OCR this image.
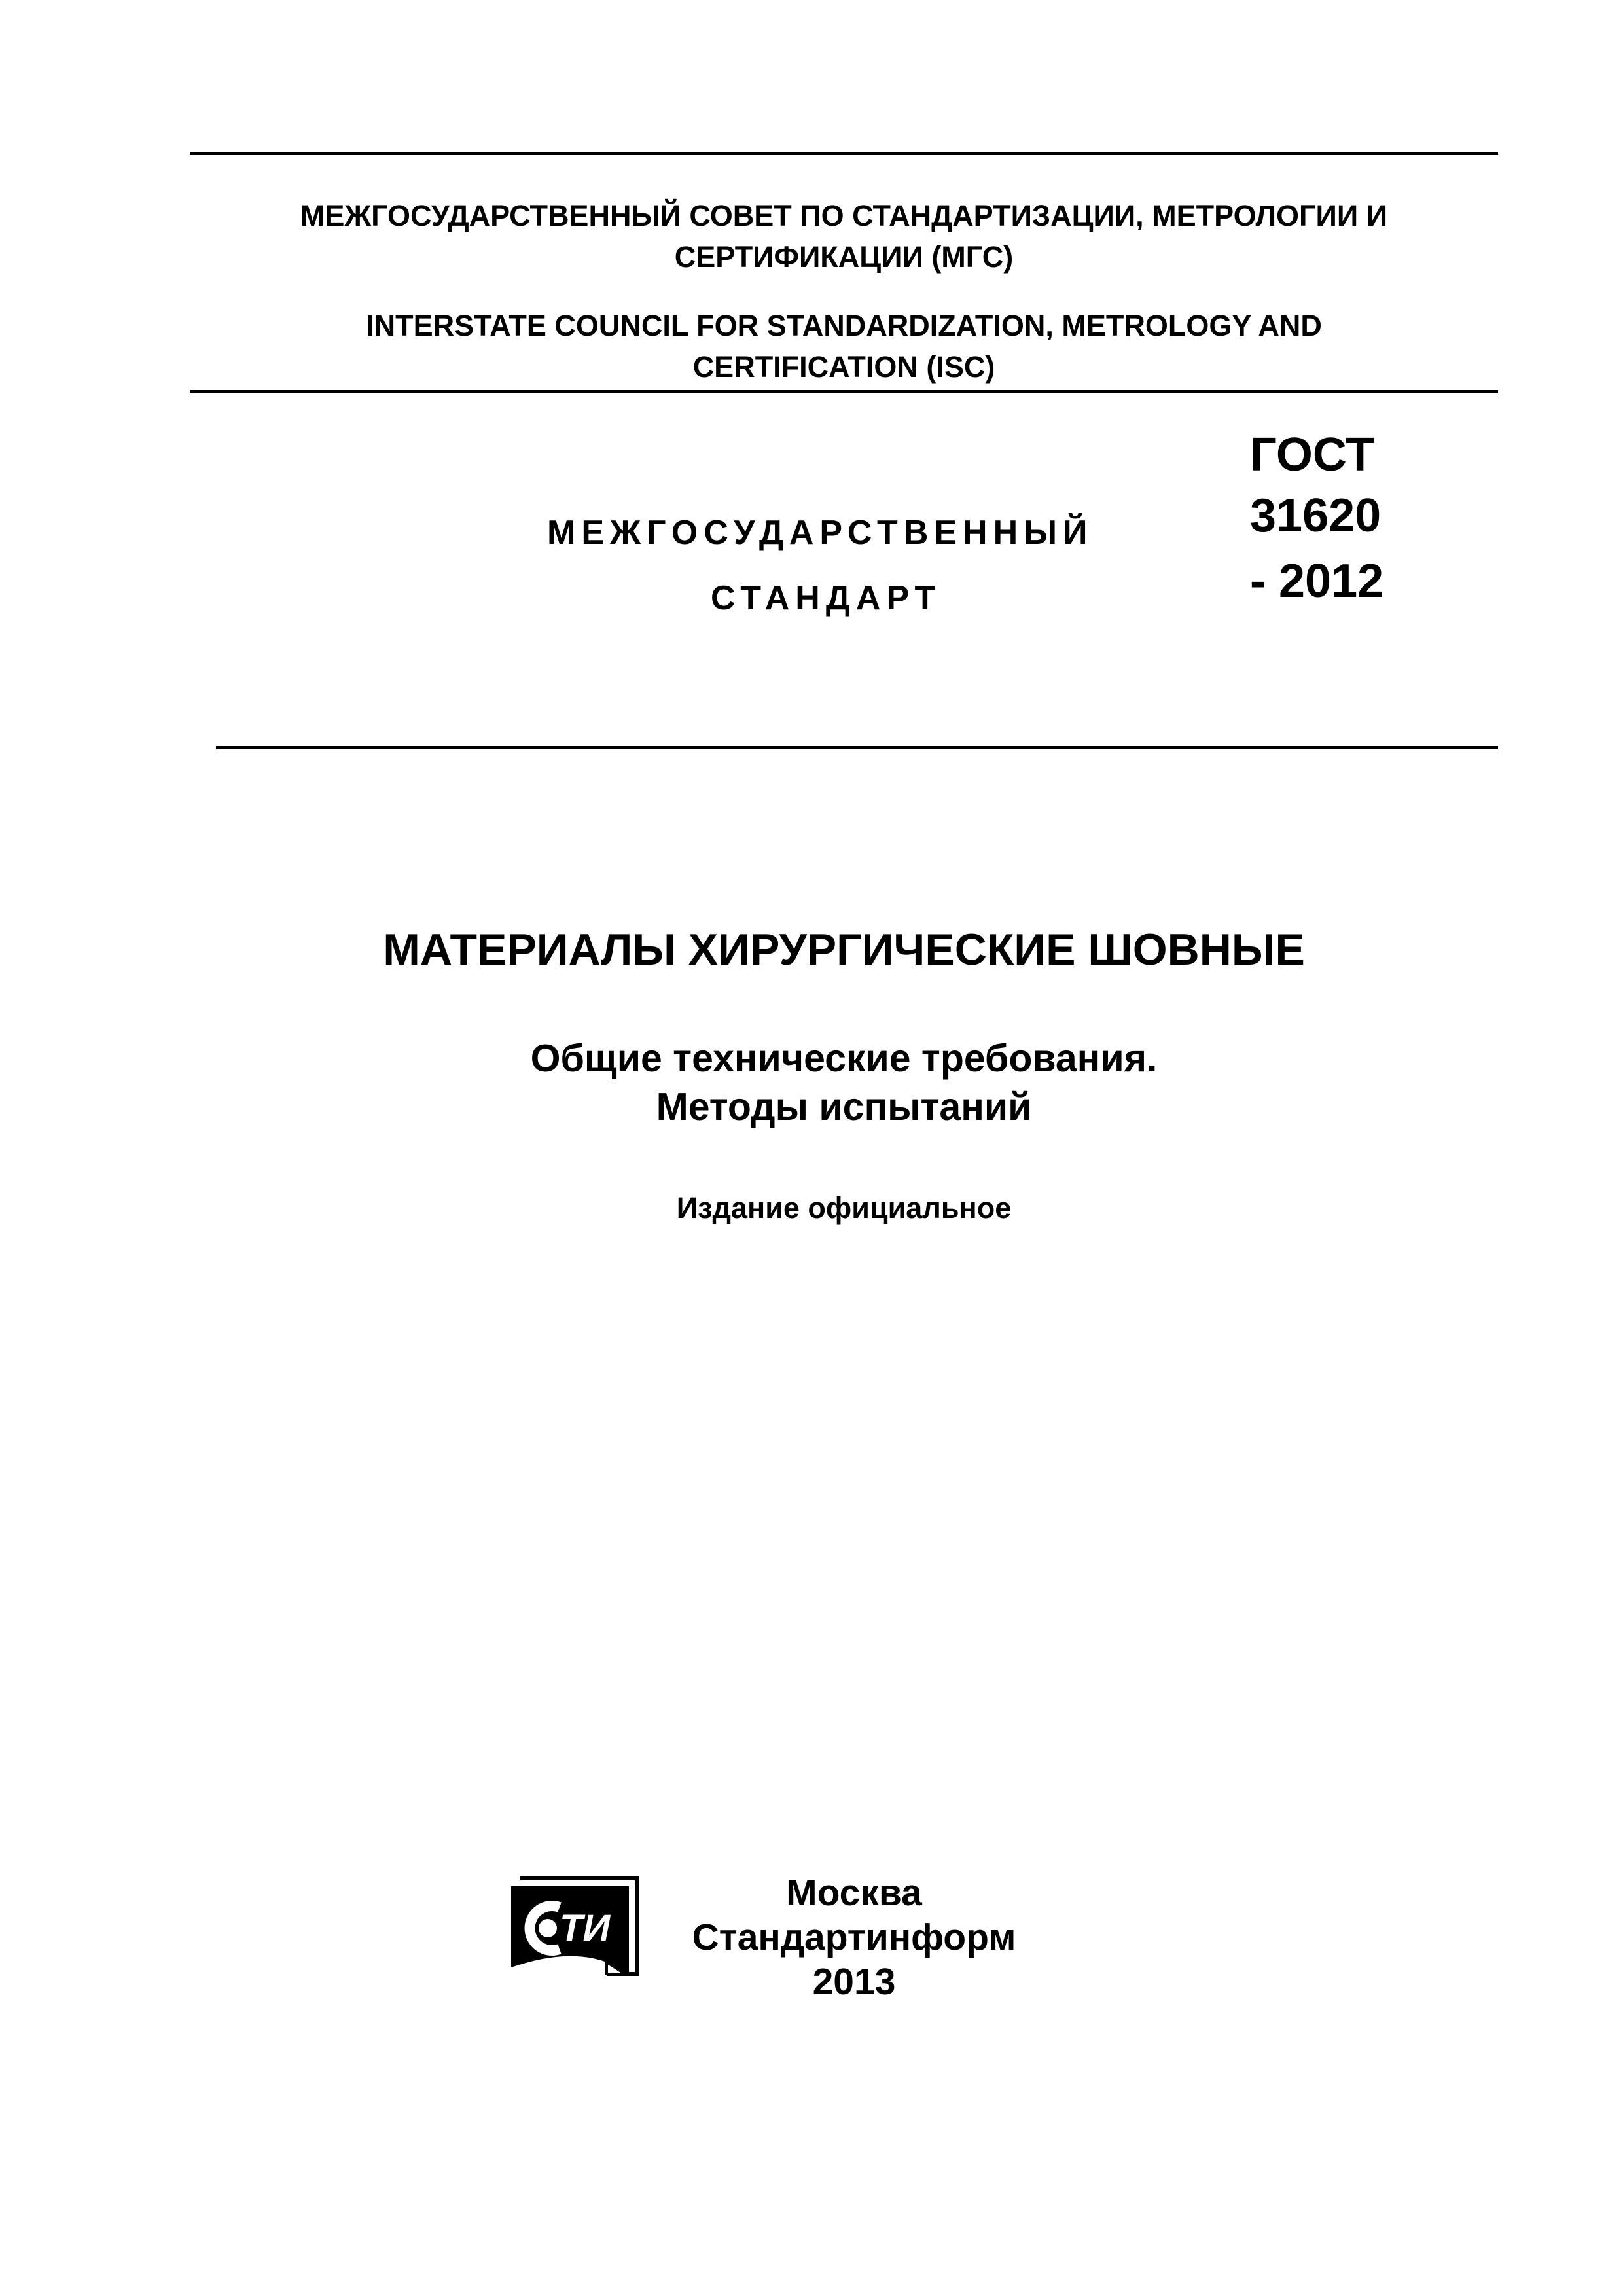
МЕЖГОСУДАРСТВЕННЫЙ СОВЕТ ПО СТАНДАРТИЗАЦИИ, МЕТРОЛОГИИ И
СЕРТИФИКАЦИИ (МГС)
INTERSTATE COUNCIL FOR STANDARDIZATION, METROLOGY AND
CERTIFICATION (ISC)
МЕЖГОСУДАРСТВЕННЫЙ
СТАНДАРТ
ГОСТ
31620
- 2012
МАТЕРИАЛЫ ХИРУРГИЧЕСКИЕ ШОВНЫЕ
Общие технические требования.
Методы испытаний
Издание официальное
ТИ
Москва
Стандартинформ
2013
